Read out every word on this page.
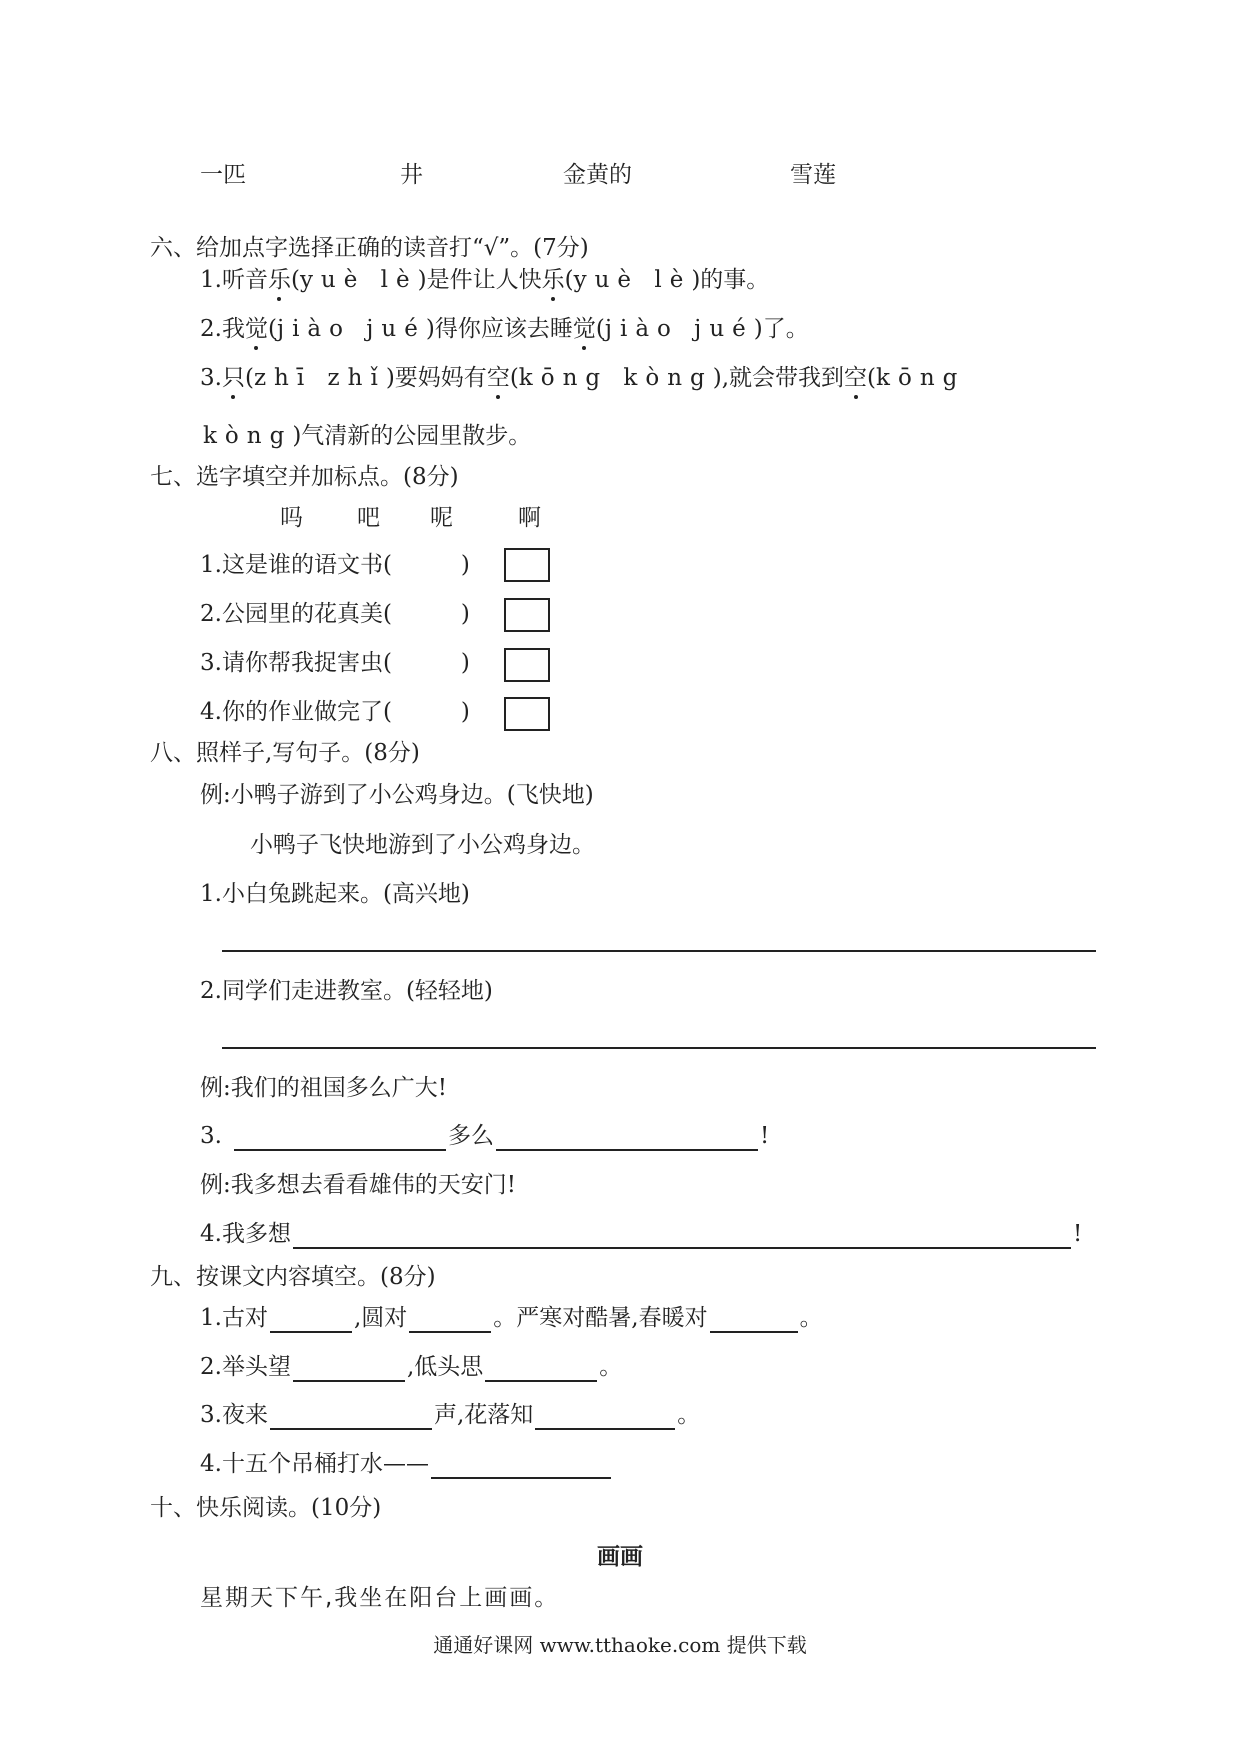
一匹	井	金黄的	雪莲
六、给加点字选择正确的读音打“√”。(7分)
1.听音乐(yuè lè)是件让人快乐(yuè lè)的事。
2.我觉(jiào jué)得你应该去睡觉(jiào jué)了。
3.只(zhī zhǐ)要妈妈有空(kōng kòng),就会带我到空(kōng
kòng)气清新的公园里散步。
七、选字填空并加标点。(8分)
吗 吧 呢	啊
1.这是谁的语文书(　　　)
2.公园里的花真美(　　　)
3.请你帮我捉害虫(　　　)
4.你的作业做完了(　　　)
八、照样子,写句子。(8分)
例:小鸭子游到了小公鸡身边。(飞快地)
小鸭子飞快地游到了小公鸡身边。
1.小白兔跳起来。(高兴地)
2.同学们走进教室。(轻轻地)
例:我们的祖国多么广大!
3.	多么	!
例:我多想去看看雄伟的天安门!
4.我多想	!
九、按课文内容填空。(8分)
1.古对	,圆对	。严寒对酷暑,春暖对	。
2.举头望	,低头思	。
3.夜来	声,花落知	。
4.十五个吊桶打水——
十、快乐阅读。(10分)
画画
星期天下午,我坐在阳台上画画。
通通好课网 www.tthaoke.com 提供下载
